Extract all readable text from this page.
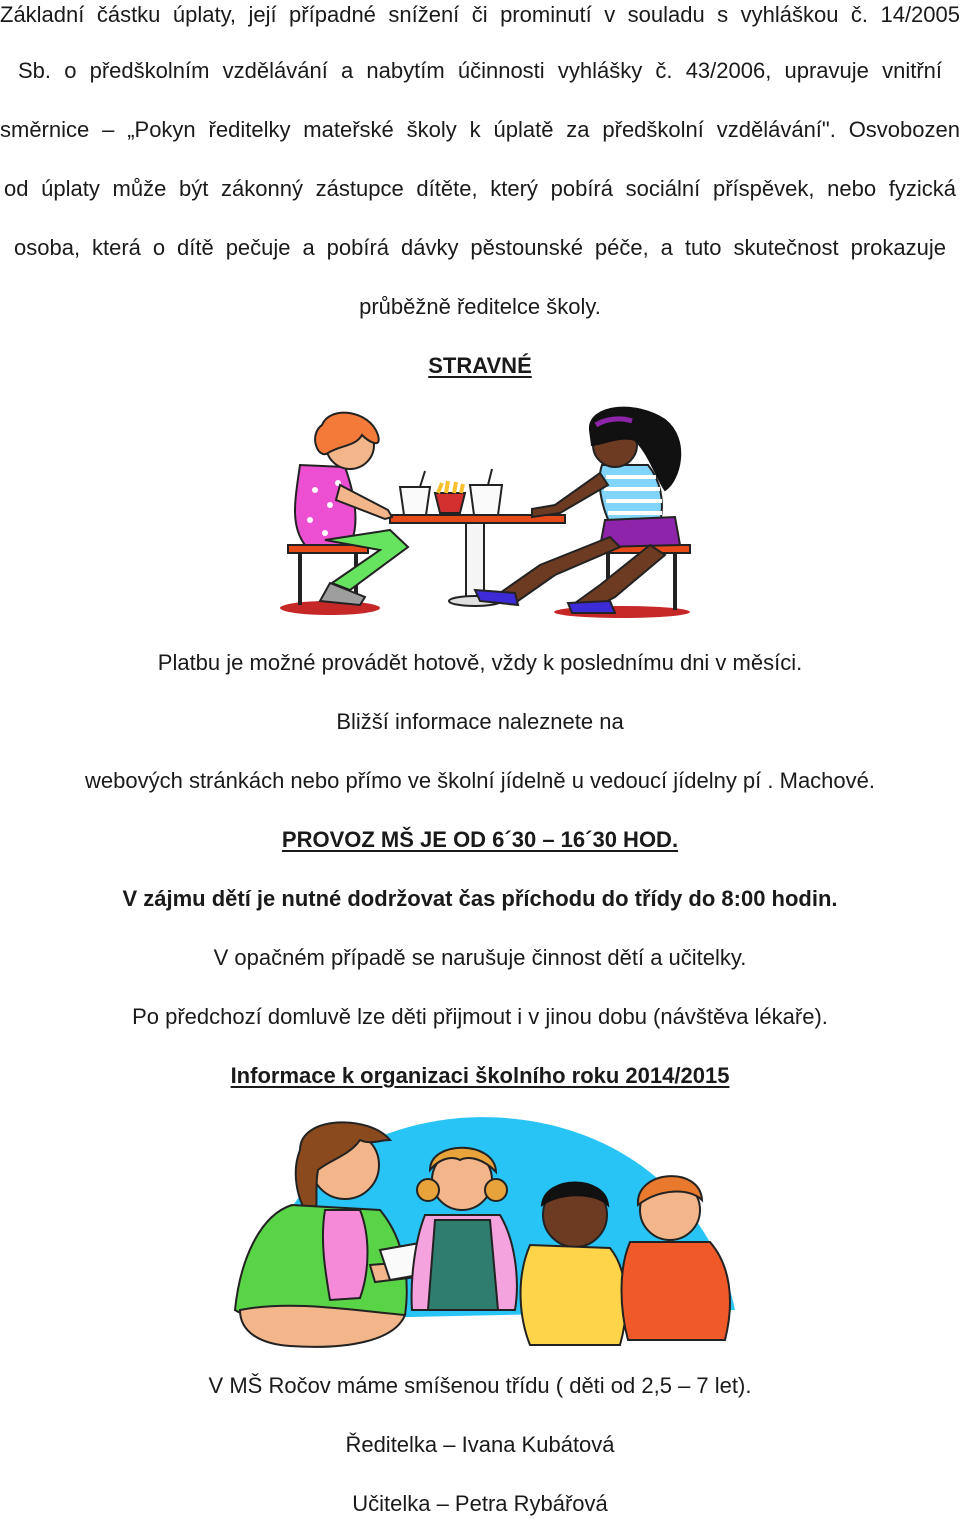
Základní částku úplaty, její případné snížení či prominutí v souladu s vyhláškou č. 14/2005
Sb. o předškolním vzdělávání a nabytím účinnosti vyhlášky č. 43/2006, upravuje vnitřní
směrnice – „Pokyn ředitelky mateřské školy k úplatě za předškolní vzdělávání". Osvobozen
od úplaty může být zákonný zástupce dítěte, který pobírá sociální příspěvek, nebo fyzická
osoba, která o dítě pečuje a pobírá dávky pěstounské péče, a tuto skutečnost prokazuje
průběžně ředitelce školy.
STRAVNÉ
Platbu je možné provádět hotově, vždy k poslednímu dni v měsíci.
Bližší informace naleznete na
webových stránkách nebo přímo ve školní jídelně u vedoucí jídelny pí . Machové.
PROVOZ MŠ JE OD 6´30 – 16´30 HOD.
V zájmu dětí je nutné dodržovat čas příchodu do třídy do 8:00 hodin.
V opačném případě se narušuje činnost dětí a učitelky.
Po předchozí domluvě lze děti přijmout i v jinou dobu (návštěva lékaře).
Informace k organizaci školního roku 2014/2015
V MŠ Ročov máme smíšenou třídu ( děti od 2,5 – 7 let).
Ředitelka – Ivana Kubátová
Učitelka – Petra Rybářová
